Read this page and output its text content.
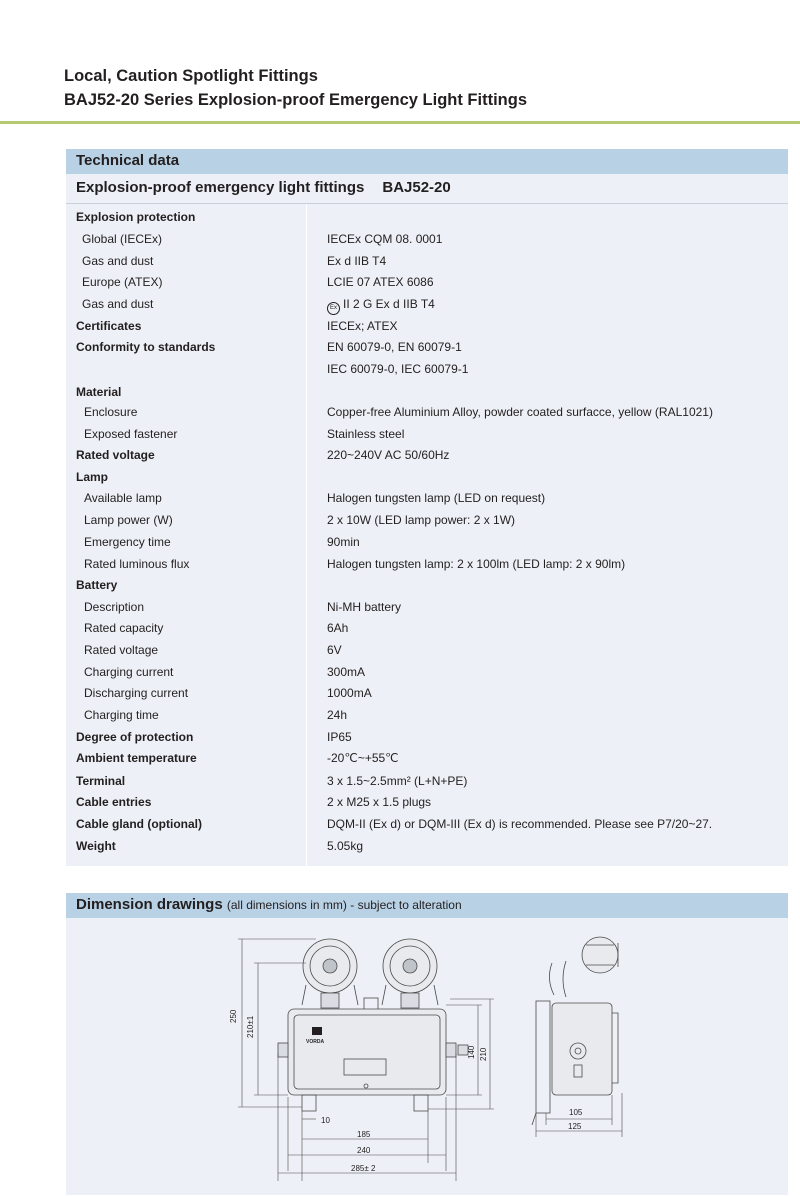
Local, Caution Spotlight Fittings
BAJ52-20 Series Explosion-proof Emergency Light Fittings
Technical data
Explosion-proof emergency light fittings BAJ52-20
Explosion protection
Global (IECEx)	IECEx CQM 08. 0001
Gas and dust	Ex d IIB T4
Europe (ATEX)	LCIE 07 ATEX 6086
Gas and dust	Ex II 2 G Ex d IIB T4
Certificates	IECEx; ATEX
Conformity to standards	EN 60079-0, EN 60079-1
IEC 60079-0, IEC 60079-1
Material
Enclosure	Copper-free Aluminium Alloy, powder coated surfacce, yellow (RAL1021)
Exposed fastener	Stainless steel
Rated voltage	220~240V AC 50/60Hz
Lamp
Available lamp	Halogen tungsten lamp (LED on request)
Lamp power (W)	2 x 10W (LED lamp power: 2 x 1W)
Emergency time	90min
Rated luminous flux	Halogen tungsten lamp: 2 x 100lm (LED lamp: 2 x 90lm)
Battery
Description	Ni-MH battery
Rated capacity	6Ah
Rated voltage	6V
Charging current	300mA
Discharging current	1000mA
Charging time	24h
Degree of protection	IP65
Ambient temperature	-20℃~+55℃
Terminal	3 x 1.5~2.5mm² (L+N+PE)
Cable entries	2 x M25 x 1.5 plugs
Cable gland (optional)	DQM-II (Ex d) or DQM-III (Ex d) is recommended. Please see P7/20~27.
Weight	5.05kg
Dimension drawings (all dimensions in mm) - subject to alteration
VORDA
250 210±1
140 210
10
185
240
285± 2
105
125
